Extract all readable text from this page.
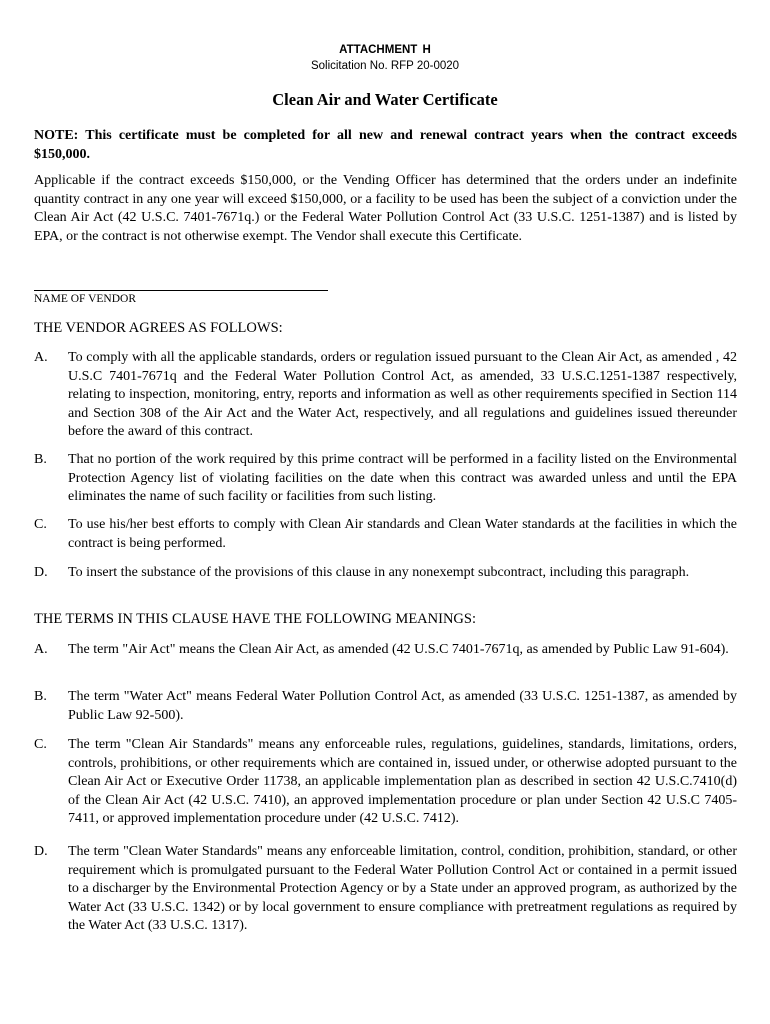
ATTACHMENT H
Solicitation No. RFP 20-0020
Clean Air and Water Certificate
NOTE: This certificate must be completed for all new and renewal contract years when the contract exceeds $150,000.
Applicable if the contract exceeds $150,000, or the Vending Officer has determined that the orders under an indefinite quantity contract in any one year will exceed $150,000, or a facility to be used has been the subject of a conviction under the Clean Air Act (42 U.S.C. 7401-7671q.) or the Federal Water Pollution Control Act (33 U.S.C. 1251-1387) and is listed by EPA, or the contract is not otherwise exempt. The Vendor shall execute this Certificate.
NAME OF VENDOR
THE VENDOR AGREES AS FOLLOWS:
A. To comply with all the applicable standards, orders or regulation issued pursuant to the Clean Air Act, as amended , 42 U.S.C 7401-7671q and the Federal Water Pollution Control Act, as amended, 33 U.S.C.1251-1387 respectively, relating to inspection, monitoring, entry, reports and information as well as other requirements specified in Section 114 and Section 308 of the Air Act and the Water Act, respectively, and all regulations and guidelines issued thereunder before the award of this contract.
B. That no portion of the work required by this prime contract will be performed in a facility listed on the Environmental Protection Agency list of violating facilities on the date when this contract was awarded unless and until the EPA eliminates the name of such facility or facilities from such listing.
C. To use his/her best efforts to comply with Clean Air standards and Clean Water standards at the facilities in which the contract is being performed.
D. To insert the substance of the provisions of this clause in any nonexempt subcontract, including this paragraph.
THE TERMS IN THIS CLAUSE HAVE THE FOLLOWING MEANINGS:
A. The term "Air Act" means the Clean Air Act, as amended (42 U.S.C 7401-7671q, as amended by Public Law 91-604).
B. The term "Water Act" means Federal Water Pollution Control Act, as amended (33 U.S.C. 1251-1387, as amended by Public Law 92-500).
C. The term "Clean Air Standards" means any enforceable rules, regulations, guidelines, standards, limitations, orders, controls, prohibitions, or other requirements which are contained in, issued under, or otherwise adopted pursuant to the Clean Air Act or Executive Order 11738, an applicable implementation plan as described in section 42 U.S.C.7410(d) of the Clean Air Act (42 U.S.C. 7410), an approved implementation procedure or plan under Section 42 U.S.C 7405-7411, or approved implementation procedure under (42 U.S.C. 7412).
D. The term "Clean Water Standards" means any enforceable limitation, control, condition, prohibition, standard, or other requirement which is promulgated pursuant to the Federal Water Pollution Control Act or contained in a permit issued to a discharger by the Environmental Protection Agency or by a State under an approved program, as authorized by the Water Act (33 U.S.C. 1342) or by local government to ensure compliance with pretreatment regulations as required by the Water Act (33 U.S.C. 1317).
